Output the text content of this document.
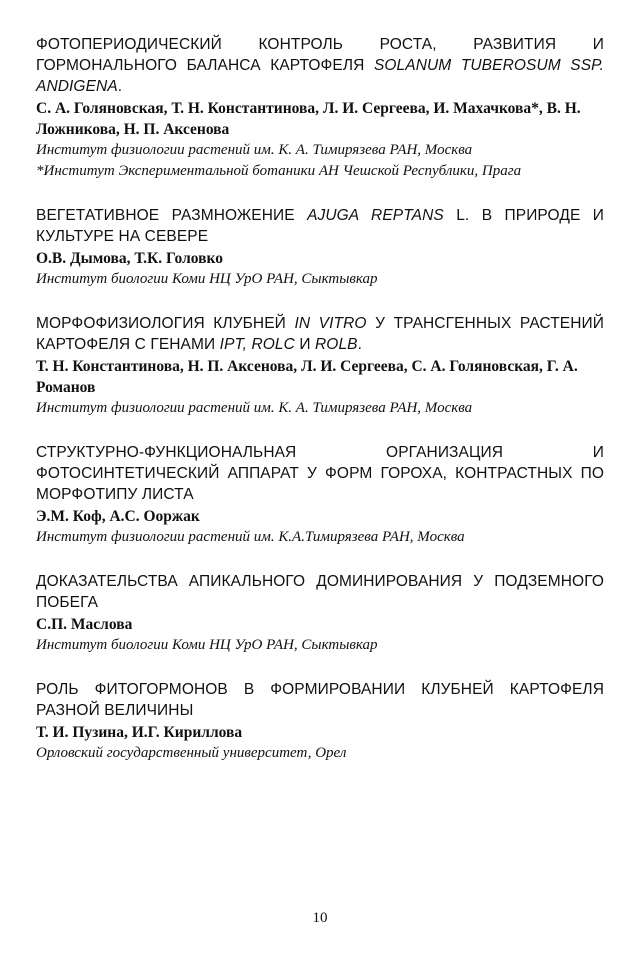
ФОТОПЕРИОДИЧЕСКИЙ КОНТРОЛЬ РОСТА, РАЗВИТИЯ И ГОРМОНАЛЬНОГО БАЛАНСА КАРТОФЕЛЯ SOLANUM TUBEROSUM SSP. ANDIGENA.
С. А. Голяновская, Т. Н. Константинова, Л. И. Сергеева, И. Махачкова*, В. Н. Ложникова, Н. П. Аксенова
Институт физиологии растений им. К. А. Тимирязева РАН, Москва
*Институт Экспериментальной ботаники АН Чешской Республики, Прага
ВЕГЕТАТИВНОЕ РАЗМНОЖЕНИЕ AJUGA REPTANS L. В ПРИРОДЕ И КУЛЬТУРЕ НА СЕВЕРЕ
О.В. Дымова, Т.К. Головко
Институт биологии Коми НЦ УрО РАН, Сыктывкар
МОРФОФИЗИОЛОГИЯ КЛУБНЕЙ IN VITRO У ТРАНСГЕННЫХ РАСТЕНИЙ КАРТОФЕЛЯ С ГЕНАМИ IPT, ROLC И ROLB.
Т. Н. Константинова, Н. П. Аксенова, Л. И. Сергеева, С. А. Голяновская, Г. А. Романов
Институт физиологии растений им. К. А. Тимирязева РАН, Москва
СТРУКТУРНО-ФУНКЦИОНАЛЬНАЯ ОРГАНИЗАЦИЯ И ФОТОСИНТЕТИЧЕСКИЙ АППАРАТ У ФОРМ ГОРОХА, КОНТРАСТНЫХ ПО МОРФОТИПУ ЛИСТА
Э.М. Коф, А.С. Ооржак
Институт физиологии растений им. К.А.Тимирязева РАН, Москва
ДОКАЗАТЕЛЬСТВА АПИКАЛЬНОГО ДОМИНИРОВАНИЯ У ПОДЗЕМНОГО ПОБЕГА
С.П. Маслова
Институт биологии Коми НЦ УрО РАН, Сыктывкар
РОЛЬ ФИТОГОРМОНОВ В ФОРМИРОВАНИИ КЛУБНЕЙ КАРТОФЕЛЯ РАЗНОЙ ВЕЛИЧИНЫ
Т. И. Пузина, И.Г. Кириллова
Орловский государственный университет, Орел
10
